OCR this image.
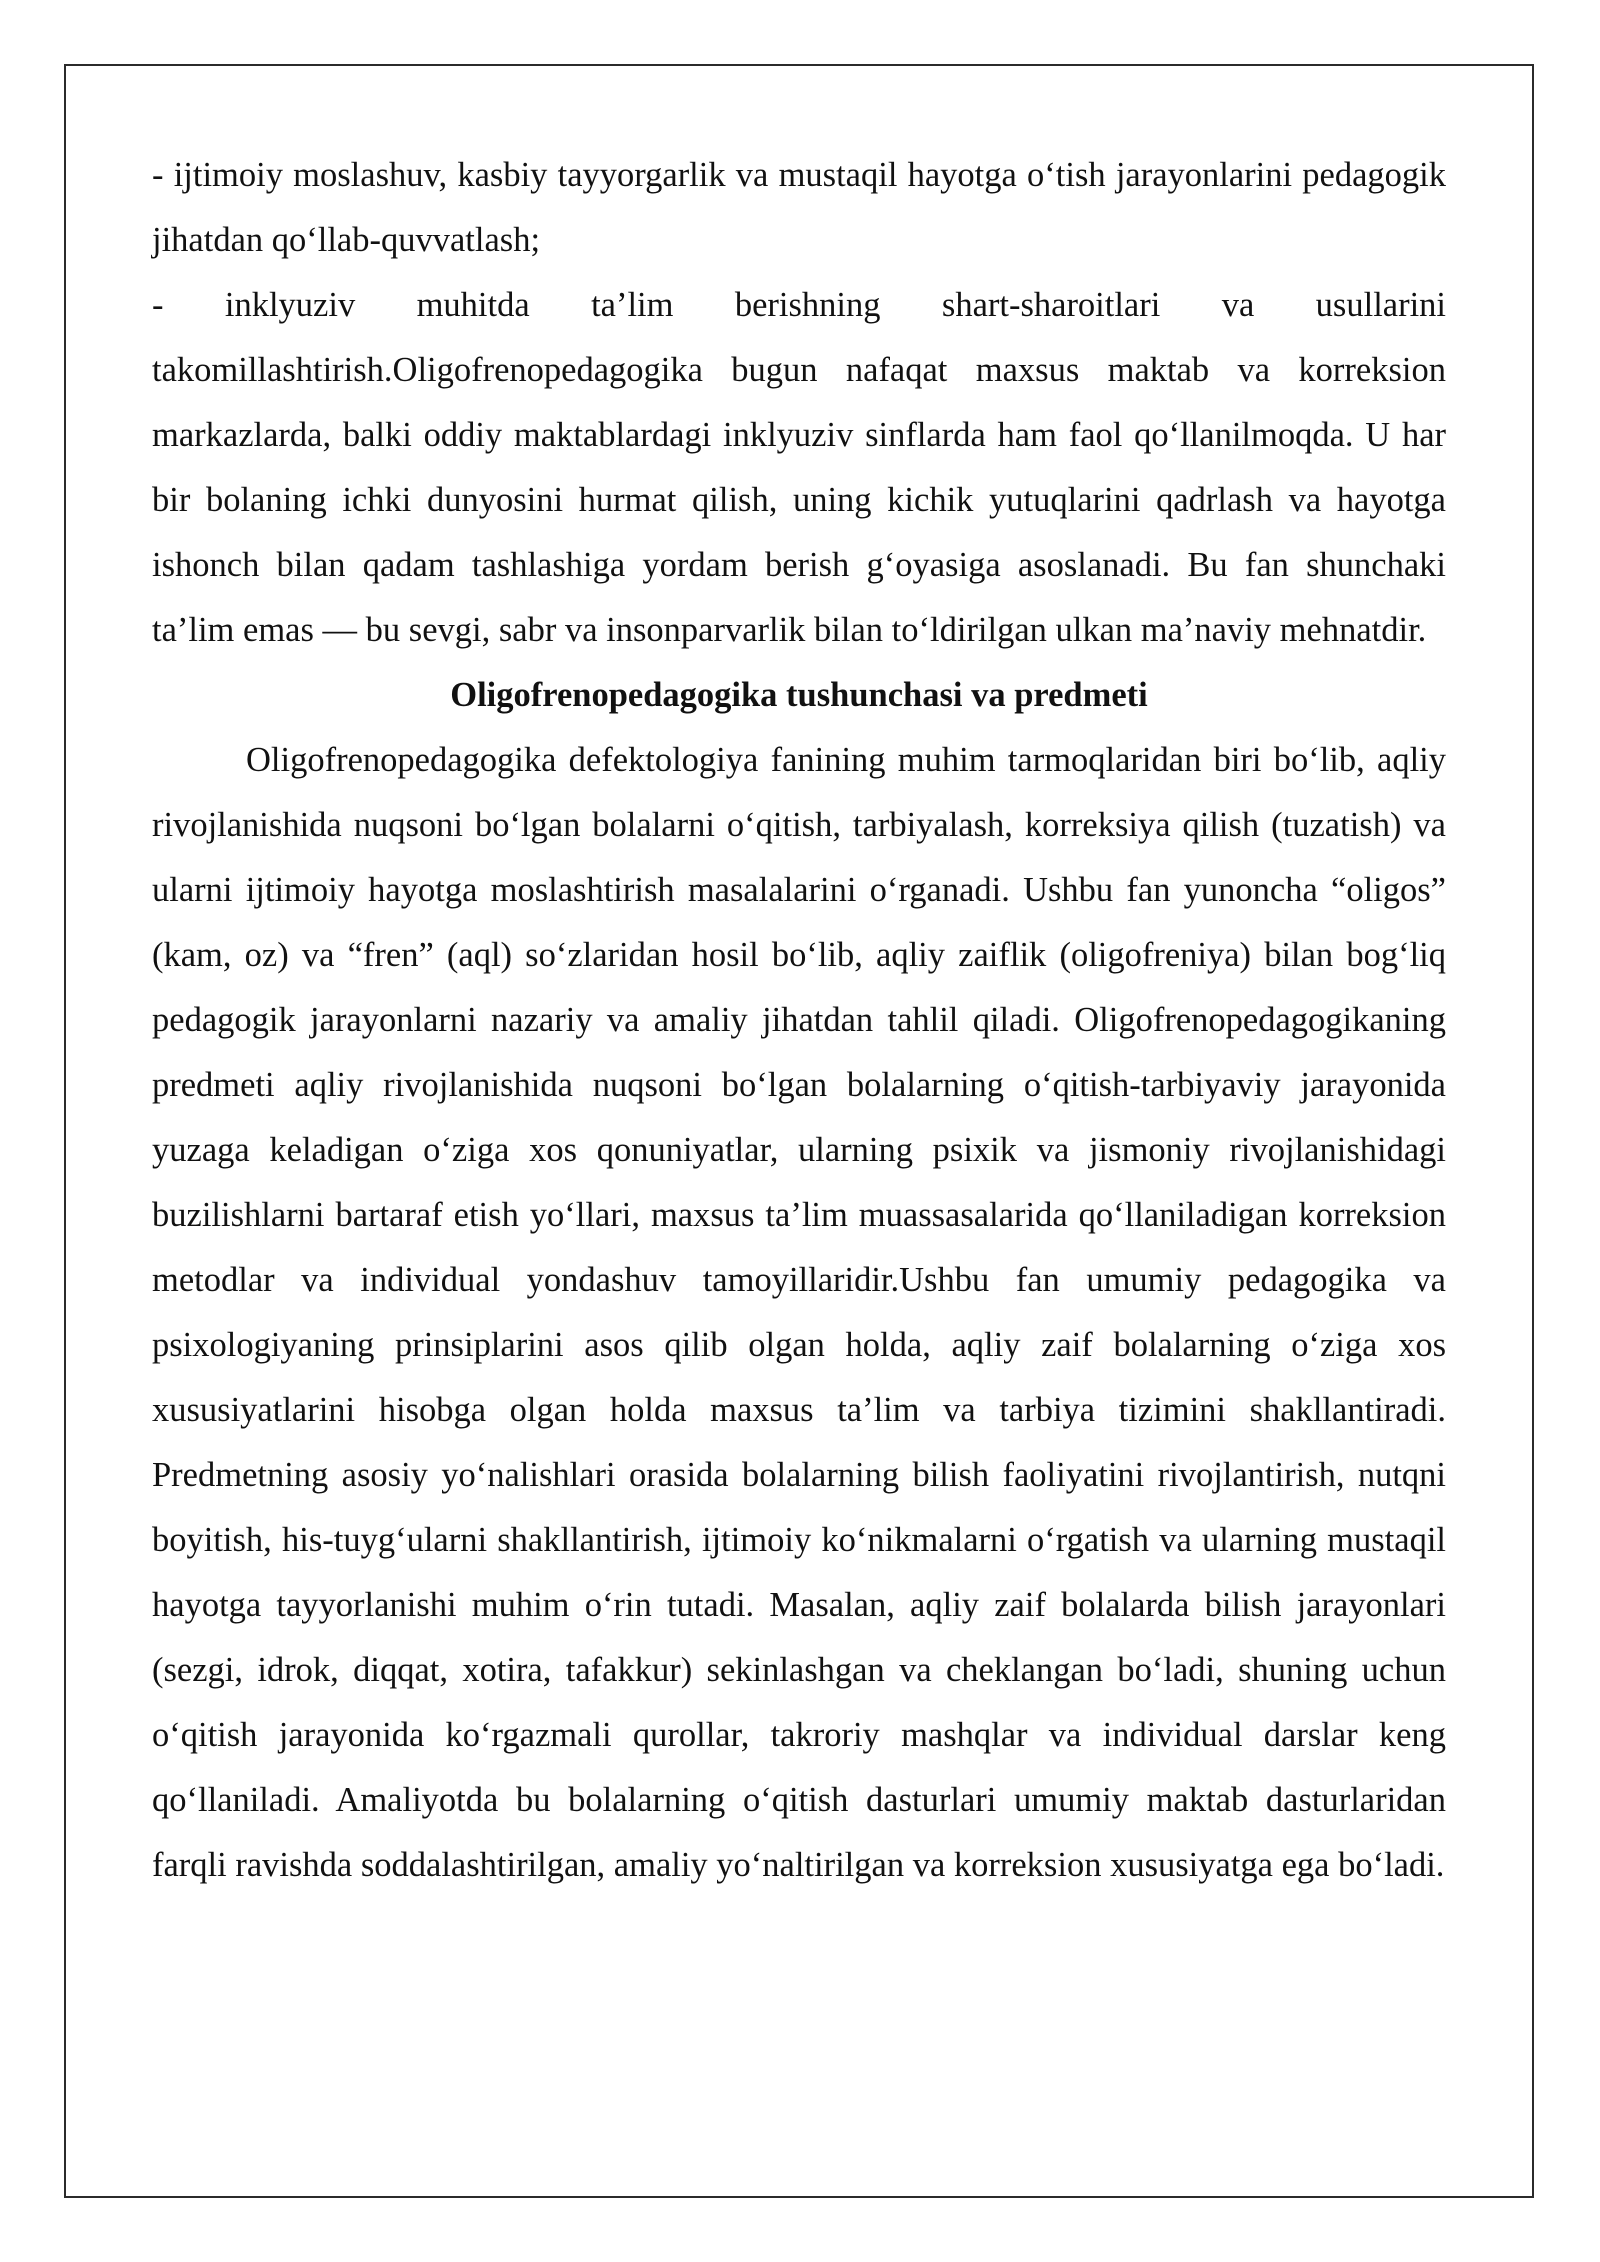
- ijtimoiy moslashuv, kasbiy tayyorgarlik va mustaqil hayotga o‘tish jarayonlarini pedagogik jihatdan qo‘llab-quvvatlash;

- inklyuziv muhitda ta’lim berishning shart-sharoitlari va usullarini takomillashtirish.Oligofrenopedagogika bugun nafaqat maxsus maktab va korreksion markazlarda, balki oddiy maktablardagi inklyuziv sinflarda ham faol qo‘llanilmoqda. U har bir bolaning ichki dunyosini hurmat qilish, uning kichik yutuqlarini qadrlash va hayotga ishonch bilan qadam tashlashiga yordam berish g‘oyasiga asoslanadi. Bu fan shunchaki ta’lim emas — bu sevgi, sabr va insonparvarlik bilan to‘ldirilgan ulkan ma’naviy mehnatdir.

Oligofrenopedagogika tushunchasi va predmeti

Oligofrenopedagogika defektologiya fanining muhim tarmoqlaridan biri bo‘lib, aqliy rivojlanishida nuqsoni bo‘lgan bolalarni o‘qitish, tarbiyalash, korreksiya qilish (tuzatish) va ularni ijtimoiy hayotga moslashtirish masalalarini o‘rganadi. Ushbu fan yunoncha “oligos” (kam, oz) va “fren” (aql) so‘zlaridan hosil bo‘lib, aqliy zaiflik (oligofreniya) bilan bog‘liq pedagogik jarayonlarni nazariy va amaliy jihatdan tahlil qiladi. Oligofrenopedagogikaning predmeti aqliy rivojlanishida nuqsoni bo‘lgan bolalarning o‘qitish-tarbiyaviy jarayonida yuzaga keladigan o‘ziga xos qonuniyatlar, ularning psixik va jismoniy rivojlanishidagi buzilishlarni bartaraf etish yo‘llari, maxsus ta’lim muassasalarida qo‘llaniladigan korreksion metodlar va individual yondashuv tamoyillaridir.Ushbu fan umumiy pedagogika va psixologiyaning prinsiplarini asos qilib olgan holda, aqliy zaif bolalarning o‘ziga xos xususiyatlarini hisobga olgan holda maxsus ta’lim va tarbiya tizimini shakllantiradi. Predmetning asosiy yo‘nalishlari orasida bolalarning bilish faoliyatini rivojlantirish, nutqni boyitish, his-tuyg‘ularni shakllantirish, ijtimoiy ko‘nikmalarni o‘rgatish va ularning mustaqil hayotga tayyorlanishi muhim o‘rin tutadi. Masalan, aqliy zaif bolalarda bilish jarayonlari (sezgi, idrok, diqqat, xotira, tafakkur) sekinlashgan va cheklangan bo‘ladi, shuning uchun o‘qitish jarayonida ko‘rgazmali qurollar, takroriy mashqlar va individual darslar keng qo‘llaniladi. Amaliyotda bu bolalarning o‘qitish dasturlari umumiy maktab dasturlaridan farqli ravishda soddalashtirilgan, amaliy yo‘naltirilgan va korreksion xususiyatga ega bo‘ladi.
